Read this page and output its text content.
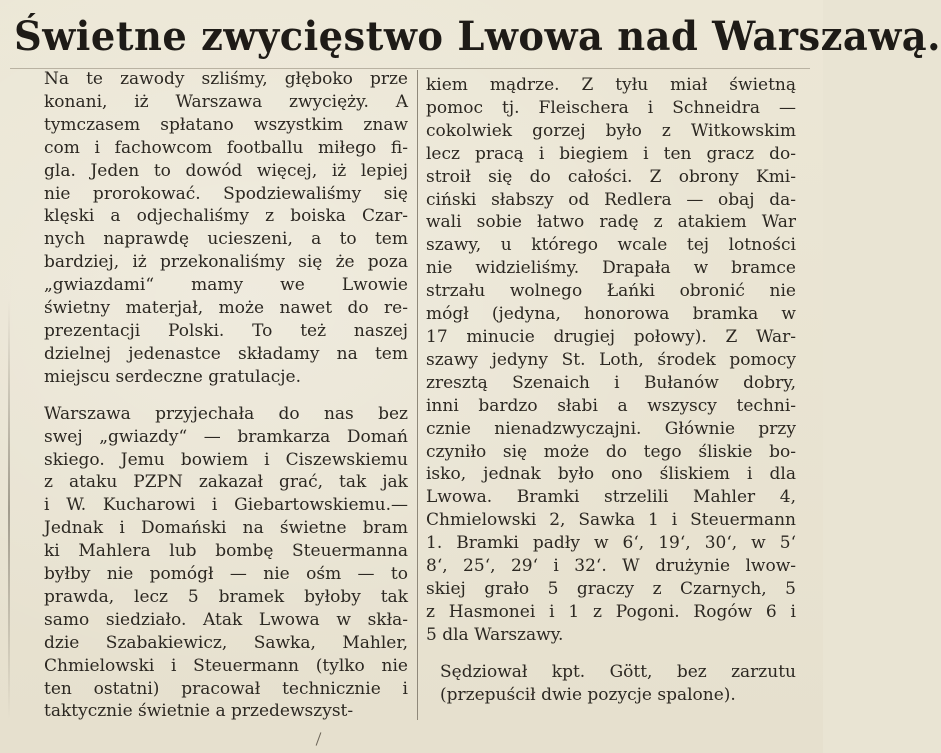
Świetne zwycięstwo Lwowa nad Warszawą.

Na te zawody szliśmy, głęboko prze
konani, iż Warszawa zwycięży. A
tymczasem spłatano wszystkim znaw
com i fachowcom footballu miłego fi-
gla. Jeden to dowód więcej, iż lepiej
nie prorokować. Spodziewaliśmy się
klęski a odjechaliśmy z boiska Czar-
nych naprawdę ucieszeni, a to tem
bardziej, iż przekonaliśmy się że poza
„gwiazdami“ mamy we Lwowie
świetny materjał, może nawet do re-
prezentacji Polski. To też naszej
dzielnej jedenastce składamy na tem
miejscu serdeczne gratulacje.

Warszawa przyjechała do nas bez
swej „gwiazdy“ — bramkarza Domań
skiego. Jemu bowiem i Ciszewskiemu
z ataku PZPN zakazał grać, tak jak
i W. Kucharowi i Giebartowskiemu.—
Jednak i Domański na świetne bram
ki Mahlera lub bombę Steuermanna
byłby nie pomógł — nie ośm — to
prawda, lecz 5 bramek byłoby tak
samo siedziało. Atak Lwowa w skła-
dzie Szabakiewicz, Sawka, Mahler,
Chmielowski i Steuermann (tylko nie
ten ostatni) pracował technicznie i
taktycznie świetnie a przedewszyst-

kiem mądrze. Z tyłu miał świetną
pomoc tj. Fleischera i Schneidra —
cokolwiek gorzej było z Witkowskim
lecz pracą i biegiem i ten gracz do-
stroił się do całości. Z obrony Kmi-
ciński słabszy od Redlera — obaj da-
wali sobie łatwo radę z atakiem War
szawy, u którego wcale tej lotności
nie widzieliśmy. Drapała w bramce
strzału wolnego Łańki obronić nie
mógł (jedyna, honorowa bramka w
17 minucie drugiej połowy). Z War-
szawy jedyny St. Loth, środek pomocy
zresztą Szenaich i Bułanów dobry,
inni bardzo słabi a wszyscy techni-
cznie nienadzwyczajni. Głównie przy
czyniło się może do tego śliskie bo-
isko, jednak było ono śliskiem i dla
Lwowa. Bramki strzelili Mahler 4,
Chmielowski 2, Sawka 1 i Steuermann
1. Bramki padły w 6‘, 19‘, 30‘, w 5‘
8‘, 25‘, 29‘ i 32‘. W drużynie lwow-
skiej grało 5 graczy z Czarnych, 5
z Hasmonei i 1 z Pogoni. Rogów 6 i
5 dla Warszawy.

Sędziował kpt. Gött, bez zarzutu
(przepuścił dwie pozycje spalone).
